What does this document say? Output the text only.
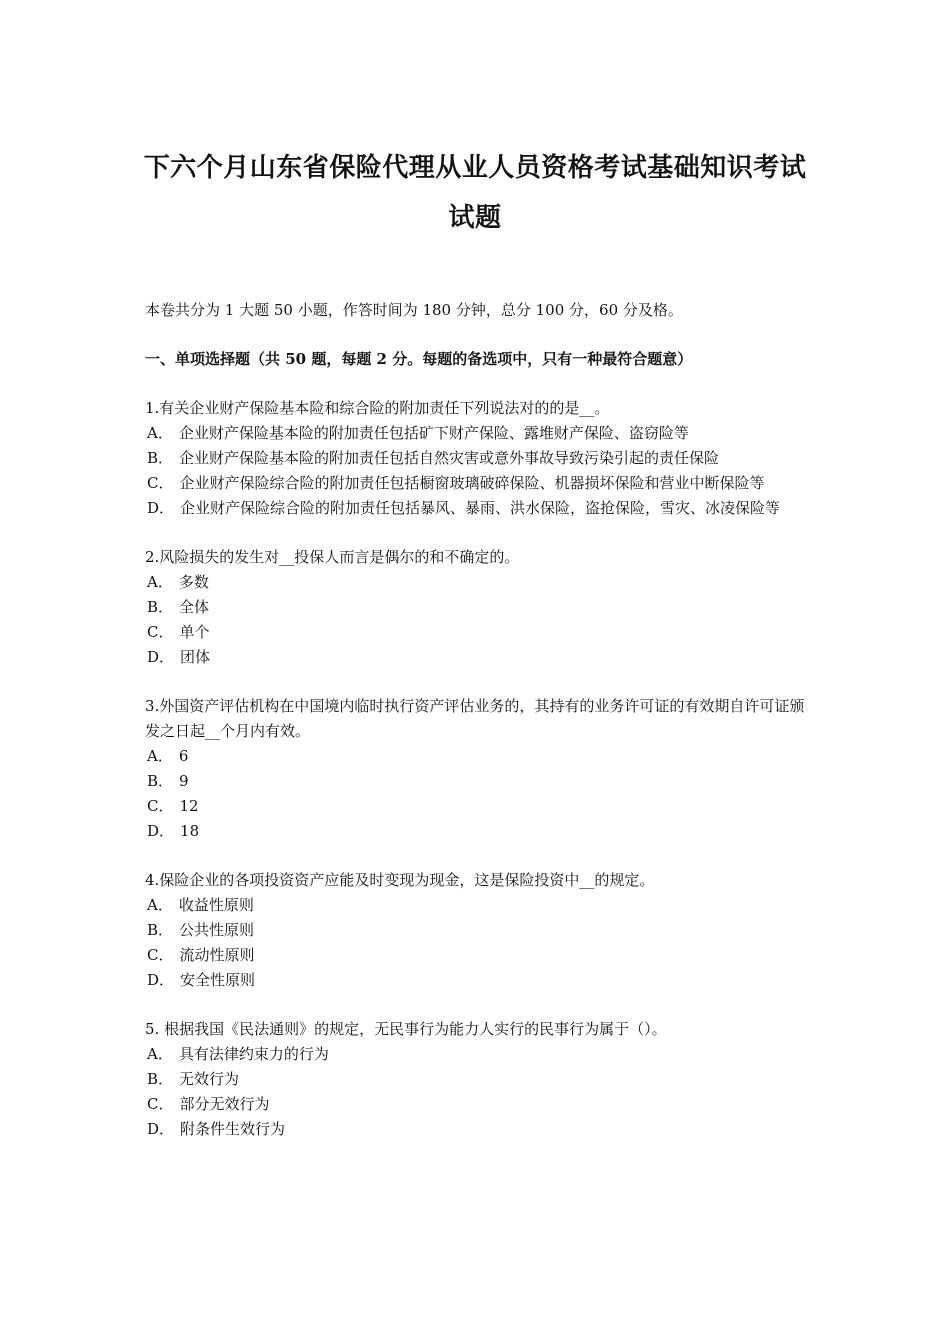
下六个月山东省保险代理从业人员资格考试基础知识考试
试题

本卷共分为 1 大题 50 小题，作答时间为 180 分钟，总分 100 分，60 分及格。

一、单项选择题（共 50 题，每题 2 分。每题的备选项中，只有一种最符合题意）

1.有关企业财产保险基本险和综合险的附加责任下列说法对的的是__。

A． 企业财产保险基本险的附加责任包括矿下财产保险、露堆财产保险、盗窃险等

B． 企业财产保险基本险的附加责任包括自然灾害或意外事故导致污染引起的责任保险

C． 企业财产保险综合险的附加责任包括橱窗玻璃破碎保险、机器损坏保险和营业中断保险等

D． 企业财产保险综合险的附加责任包括暴风、暴雨、洪水保险，盗抢保险，雪灾、冰凌保险等

2.风险损失的发生对__投保人而言是偶尔的和不确定的。

A． 多数

B． 全体

C． 单个

D． 团体

3.外国资产评估机构在中国境内临时执行资产评估业务的，其持有的业务许可证的有效期自许可证颁发之日起__个月内有效。

A． 6

B． 9

C． 12

D． 18

4.保险企业的各项投资资产应能及时变现为现金，这是保险投资中__的规定。

A． 收益性原则

B． 公共性原则

C． 流动性原则

D． 安全性原则

5. 根据我国《民法通则》的规定，无民事行为能力人实行的民事行为属于（）。

A． 具有法律约束力的行为

B． 无效行为

C． 部分无效行为

D． 附条件生效行为
